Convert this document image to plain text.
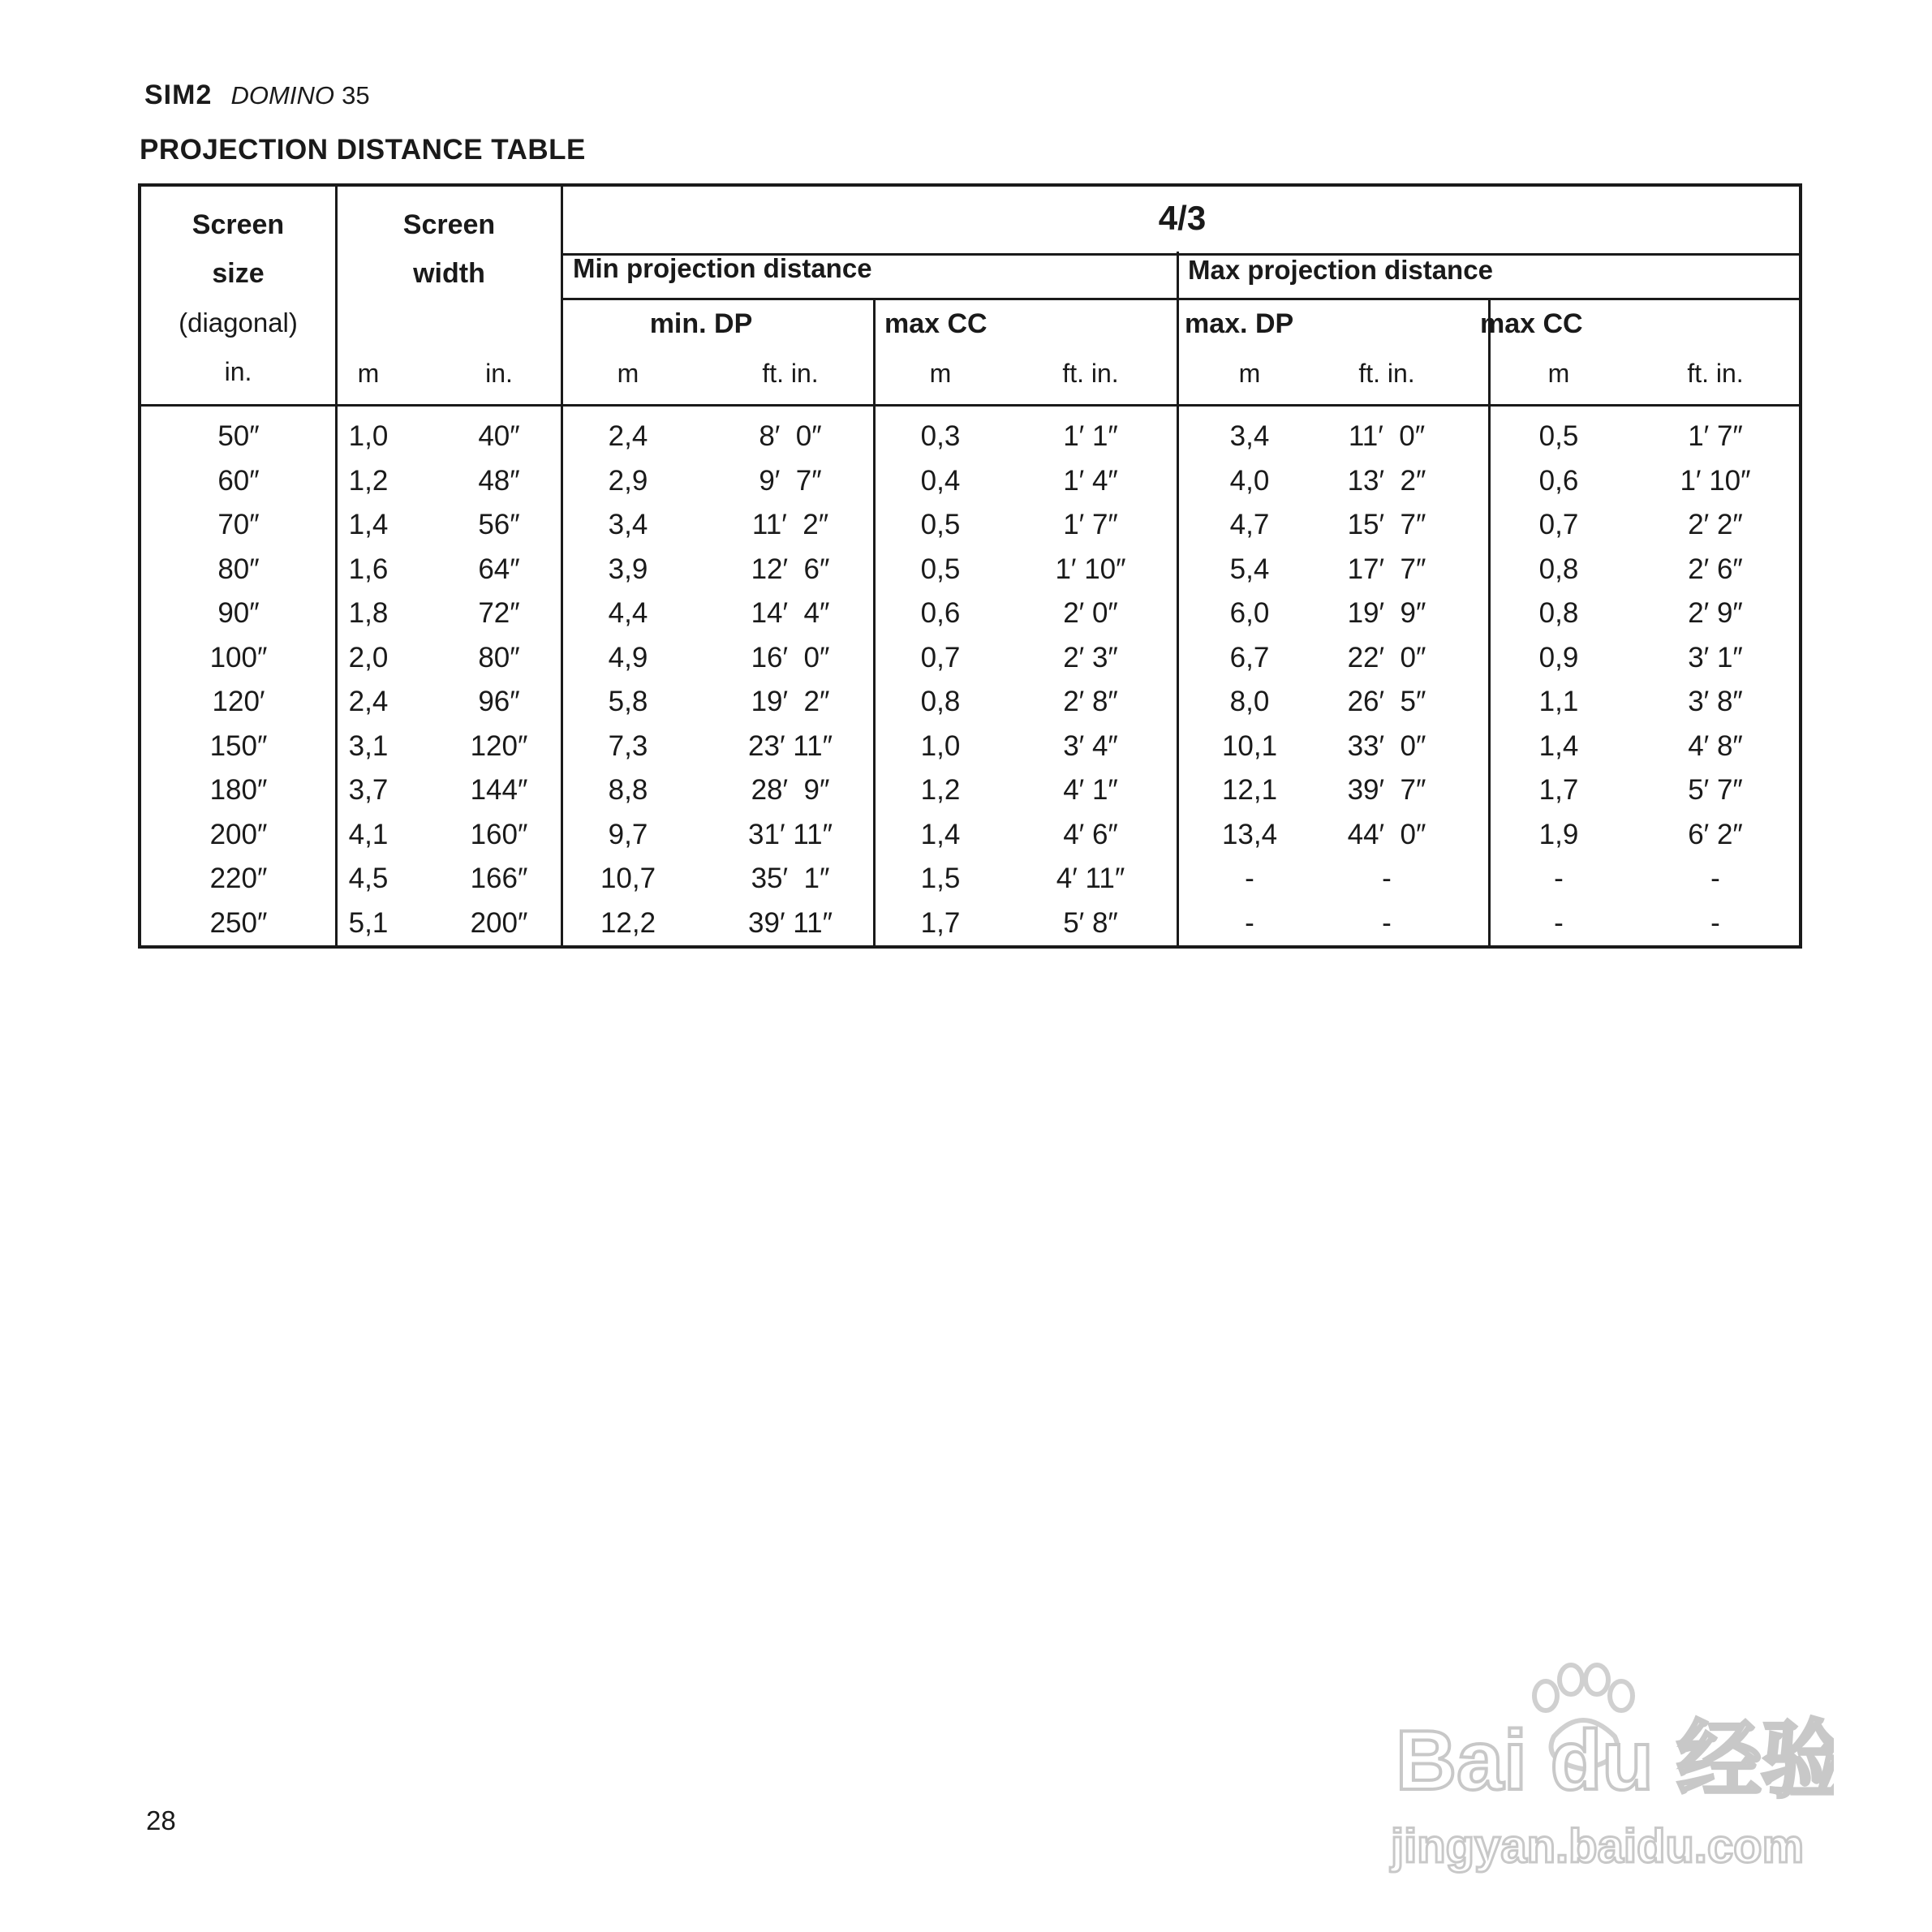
SIM2 DOMINO 35
PROJECTION DISTANCE TABLE
Screen
size
(diagonal)
in.
Screen
width
4/3
Min projection distance	Max projection distance
min. DP	max CC	max. DP	max CC
m	in.	m	ft. in.	m	ft. in.	m	ft. in.	m	ft. in.
50″	1,0	40″	2,4	8′  0″	0,3	1′ 1″	3,4	11′  0″	0,5	1′ 7″
60″	1,2	48″	2,9	9′  7″	0,4	1′ 4″	4,0	13′  2″	0,6	1′ 10″
70″	1,4	56″	3,4	11′  2″	0,5	1′ 7″	4,7	15′  7″	0,7	2′ 2″
80″	1,6	64″	3,9	12′  6″	0,5	1′ 10″	5,4	17′  7″	0,8	2′ 6″
90″	1,8	72″	4,4	14′  4″	0,6	2′ 0″	6,0	19′  9″	0,8	2′ 9″
100″	2,0	80″	4,9	16′  0″	0,7	2′ 3″	6,7	22′  0″	0,9	3′ 1″
120′	2,4	96″	5,8	19′  2″	0,8	2′ 8″	8,0	26′  5″	1,1	3′ 8″
150″	3,1	120″	7,3	23′ 11″	1,0	3′ 4″	10,1	33′  0″	1,4	4′ 8″
180″	3,7	144″	8,8	28′  9″	1,2	4′ 1″	12,1	39′  7″	1,7	5′ 7″
200″	4,1	160″	9,7	31′ 11″	1,4	4′ 6″	13,4	44′  0″	1,9	6′ 2″
220″	4,5	166″	10,7	35′  1″	1,5	4′ 11″	-	-	-	-
250″	5,1	200″	12,2	39′ 11″	1,7	5′ 8″	-	-	-	-
28
Bai du 经验
jingyan.baidu.com
